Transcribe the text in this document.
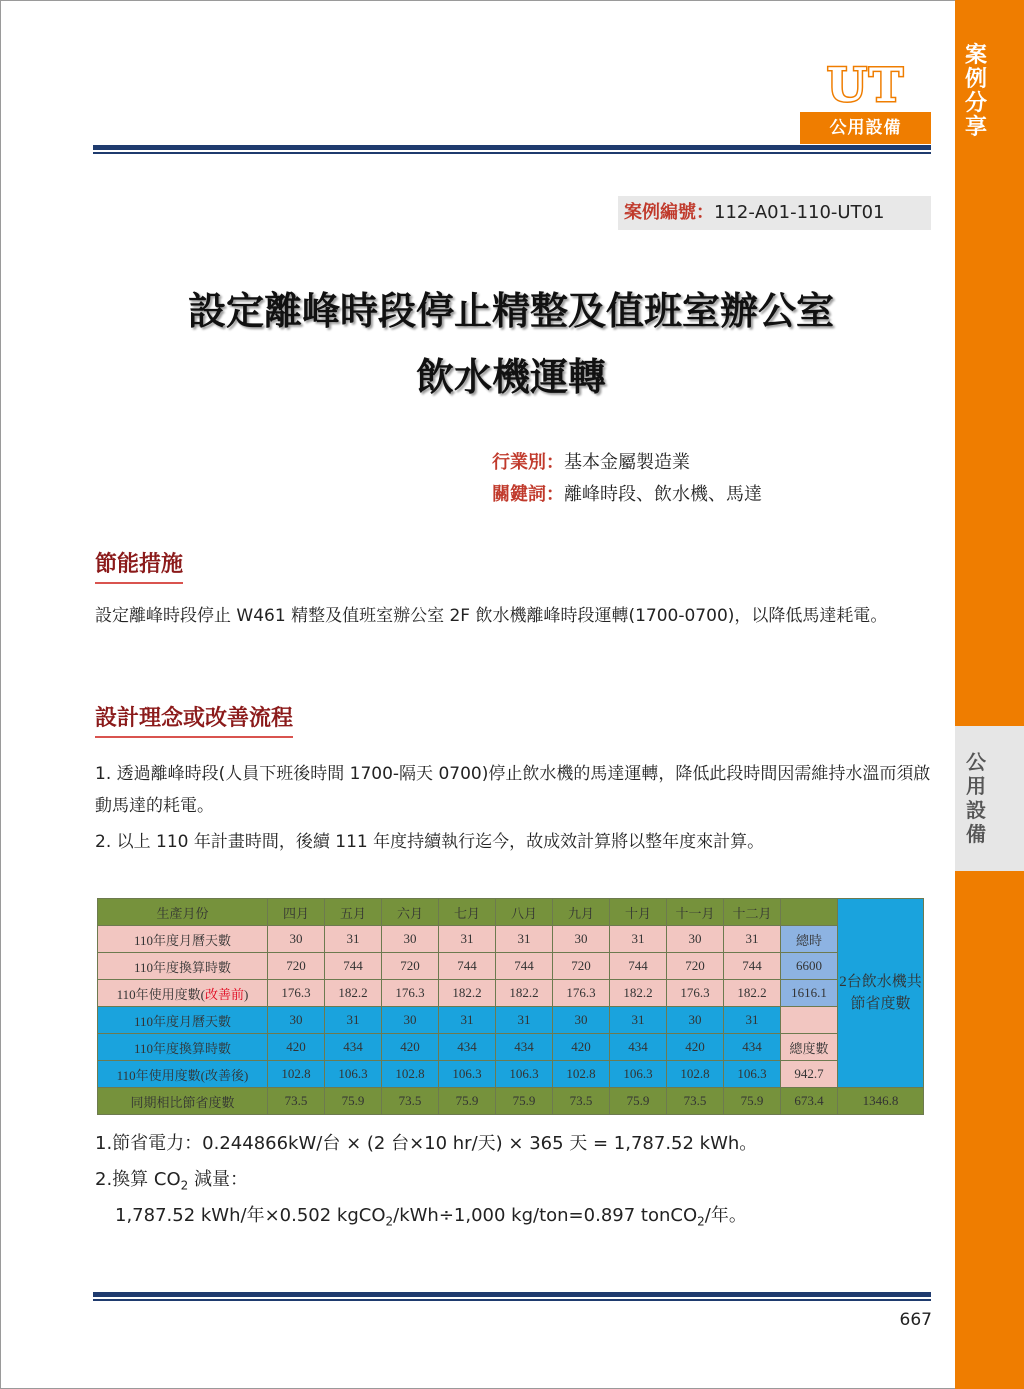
案例分享
公用設備
UT
公用設備
案例編號：112-A01-110-UT01
設定離峰時段停止精整及值班室辦公室
飲水機運轉
行業別：基本金屬製造業
關鍵詞：離峰時段、飲水機、馬達
節能措施
設定離峰時段停止 W461 精整及值班室辦公室 2F 飲水機離峰時段運轉(1700-0700)，以降低馬達耗電。
設計理念或改善流程
1. 透過離峰時段(人員下班後時間 1700-隔天 0700)停止飲水機的馬達運轉，降低此段時間因需維持水溫而須啟動馬達的耗電。
2. 以上 110 年計畫時間，後續 111 年度持續執行迄今，故成效計算將以整年度來計算。
生產月份	四月	五月	六月	七月	八月	九月	十月	十一月	十二月		2台飲水機共節省度數
110年度月曆天數	30	31	30	31	31	30	31	30	31	總時	
110年度換算時數	720	744	720	744	744	720	744	720	744	6600	
110年使用度數(改善前)	176.3	182.2	176.3	182.2	182.2	176.3	182.2	176.3	182.2	1616.1	
110年度月曆天數	30	31	30	31	31	30	31	30	31		
110年度換算時數	420	434	420	434	434	420	434	420	434	總度數	
110年使用度數(改善後)	102.8	106.3	102.8	106.3	106.3	102.8	106.3	102.8	106.3	942.7	
同期相比節省度數	73.5	75.9	73.5	75.9	75.9	73.5	75.9	73.5	75.9	673.4	1346.8
1.節省電力：0.244866kW/台 × (2 台×10 hr/天) × 365 天 = 1,787.52 kWh。
2.換算 $CO_2$ 減量：
1,787.52 kWh/年×0.502 kgCO$_2$/kWh÷1,000 kg/ton=0.897 tonCO$_2$/年。
667
